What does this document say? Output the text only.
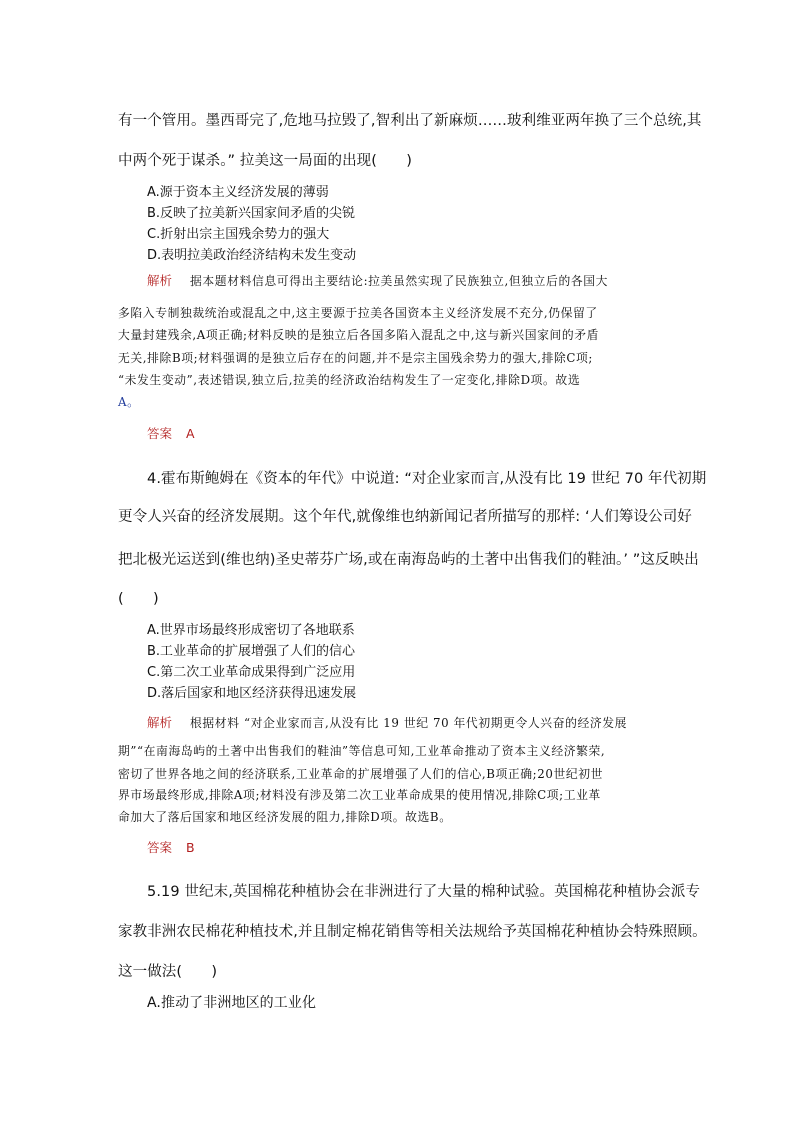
有一个管用。墨西哥完了,危地马拉毁了,智利出了新麻烦……玻利维亚两年换了三个总统,其
中两个死于谋杀。” 拉美这一局面的出现(　　)
A.源于资本主义经济发展的薄弱
B.反映了拉美新兴国家间矛盾的尖锐
C.折射出宗主国残余势力的强大
D.表明拉美政治经济结构未发生变动
解析 据本题材料信息可得出主要结论:拉美虽然实现了民族独立,但独立后的各国大
多陷入专制独裁统治或混乱之中,这主要源于拉美各国资本主义经济发展不充分,仍保留了
大量封建残余,A项正确;材料反映的是独立后各国多陷入混乱之中,这与新兴国家间的矛盾
无关,排除B项;材料强调的是独立后存在的问题,并不是宗主国残余势力的强大,排除C项;
“未发生变动”,表述错误,独立后,拉美的经济政治结构发生了一定变化,排除D项。故选
A。
答案 A
4.霍布斯鲍姆在《资本的年代》中说道: “对企业家而言,从没有比 19 世纪 70 年代初期
更令人兴奋的经济发展期。这个年代,就像维也纳新闻记者所描写的那样: ‘人们筹设公司好
把北极光运送到(维也纳)圣史蒂芬广场,或在南海岛屿的土著中出售我们的鞋油。’ ”这反映出
(　　)
A.世界市场最终形成密切了各地联系
B.工业革命的扩展增强了人们的信心
C.第二次工业革命成果得到广泛应用
D.落后国家和地区经济获得迅速发展
解析 根据材料 “对企业家而言,从没有比 19 世纪 70 年代初期更令人兴奋的经济发展
期”“在南海岛屿的土著中出售我们的鞋油”等信息可知,工业革命推动了资本主义经济繁荣,
密切了世界各地之间的经济联系,工业革命的扩展增强了人们的信心,B项正确;20世纪初世
界市场最终形成,排除A项;材料没有涉及第二次工业革命成果的使用情况,排除C项;工业革
命加大了落后国家和地区经济发展的阻力,排除D项。故选B。
答案 B
5.19 世纪末,英国棉花种植协会在非洲进行了大量的棉种试验。英国棉花种植协会派专
家教非洲农民棉花种植技术,并且制定棉花销售等相关法规给予英国棉花种植协会特殊照顾。
这一做法(　　)
A.推动了非洲地区的工业化
